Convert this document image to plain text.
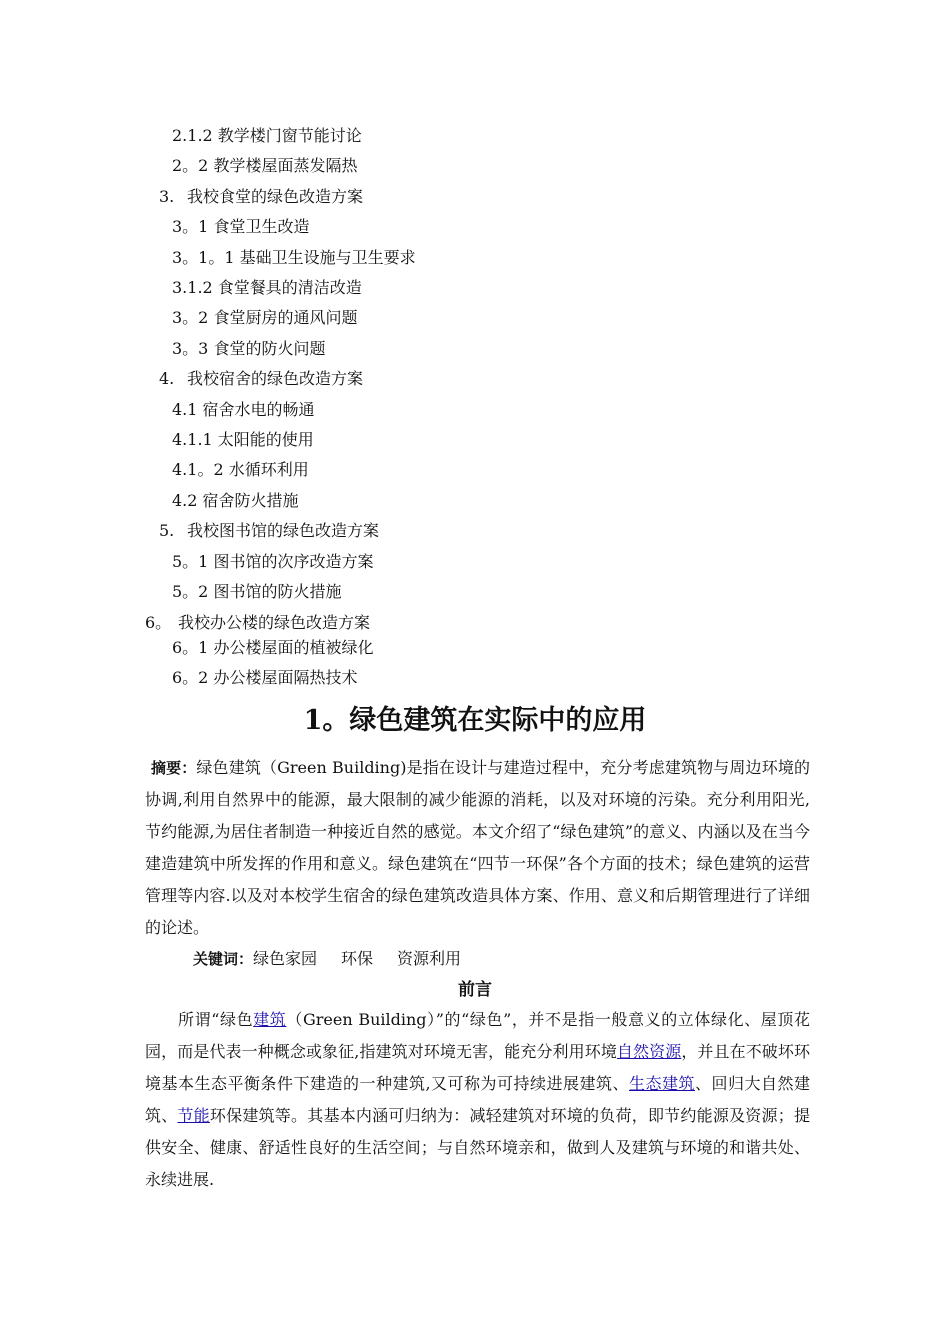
2.1.2 教学楼门窗节能讨论
2。2 教学楼屋面蒸发隔热
3. 我校食堂的绿色改造方案
3。1 食堂卫生改造
3。1。1 基础卫生设施与卫生要求
3.1.2 食堂餐具的清洁改造
3。2 食堂厨房的通风问题
3。3 食堂的防火问题
4. 我校宿舍的绿色改造方案
4.1 宿舍水电的畅通
4.1.1 太阳能的使用
4.1。2 水循环利用
4.2 宿舍防火措施
5. 我校图书馆的绿色改造方案
5。1 图书馆的次序改造方案
5。2 图书馆的防火措施
6。 我校办公楼的绿色改造方案
6。1 办公楼屋面的植被绿化
6。2 办公楼屋面隔热技术
1。绿色建筑在实际中的应用
摘要：绿色建筑（Green Building)是指在设计与建造过程中，充分考虑建筑物与周边环境的协调,利用自然界中的能源，最大限制的减少能源的消耗，以及对环境的污染。充分利用阳光,节约能源,为居住者制造一种接近自然的感觉。本文介绍了“绿色建筑”的意义、内涵以及在当今建造建筑中所发挥的作用和意义。绿色建筑在“四节一环保”各个方面的技术；绿色建筑的运营管理等内容.以及对本校学生宿舍的绿色建筑改造具体方案、作用、意义和后期管理进行了详细的论述。
关键词：绿色家园 环保 资源利用
前言
所谓“绿色建筑（Green Building）”的“绿色”，并不是指一般意义的立体绿化、屋顶花园，而是代表一种概念或象征,指建筑对环境无害，能充分利用环境自然资源，并且在不破坏环境基本生态平衡条件下建造的一种建筑,又可称为可持续进展建筑、生态建筑、回归大自然建筑、节能环保建筑等。其基本内涵可归纳为：减轻建筑对环境的负荷，即节约能源及资源；提供安全、健康、舒适性良好的生活空间；与自然环境亲和，做到人及建筑与环境的和谐共处、永续进展.
